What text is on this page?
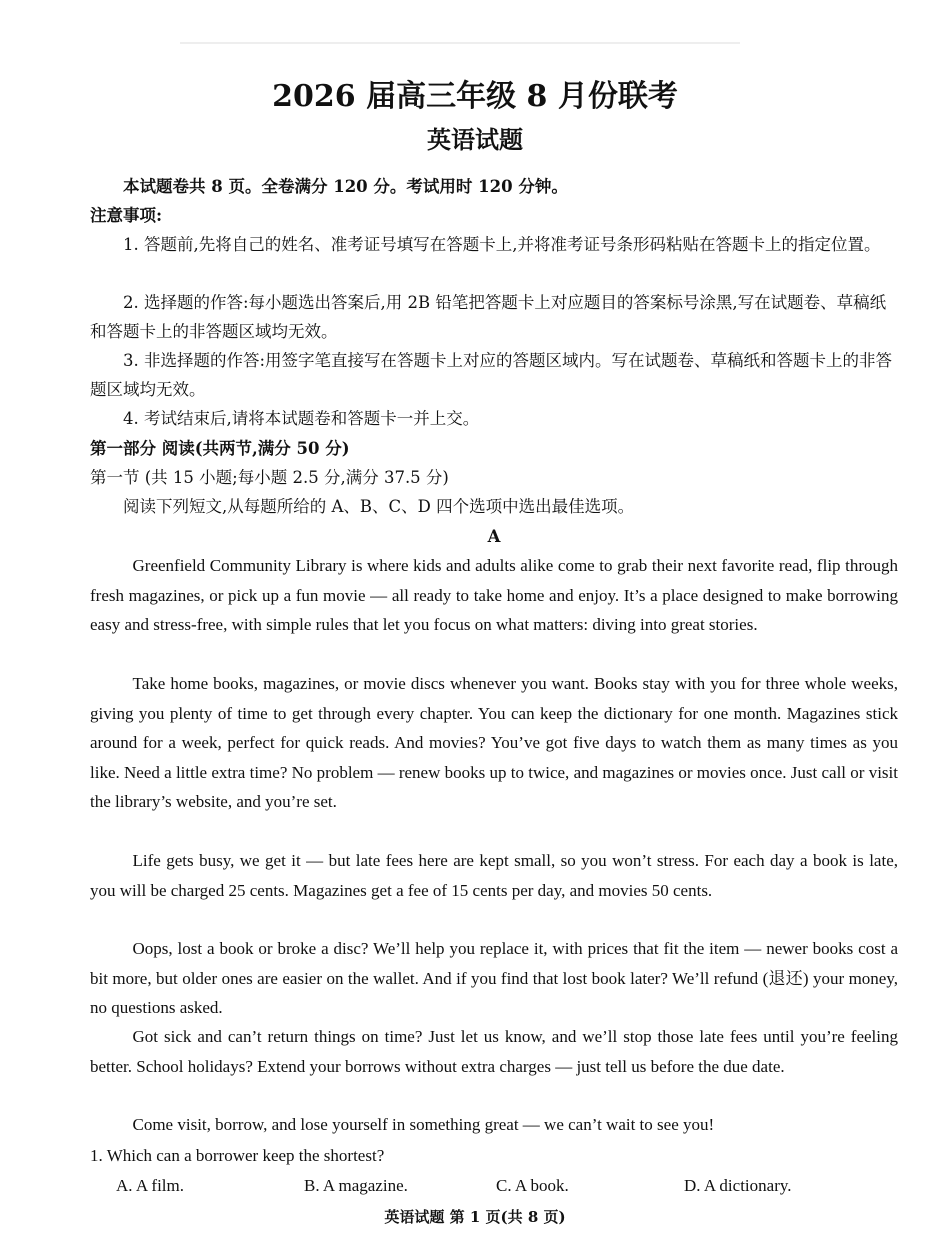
2026 届高三年级 8 月份联考
英语试题
本试题卷共 8 页。全卷满分 120 分。考试用时 120 分钟。
注意事项:
1. 答题前,先将自己的姓名、准考证号填写在答题卡上,并将准考证号条形码粘贴在答题卡上的指定位置。
2. 选择题的作答:每小题选出答案后,用 2B 铅笔把答题卡上对应题目的答案标号涂黑,写在试题卷、草稿纸和答题卡上的非答题区域均无效。
3. 非选择题的作答:用签字笔直接写在答题卡上对应的答题区域内。写在试题卷、草稿纸和答题卡上的非答题区域均无效。
4. 考试结束后,请将本试题卷和答题卡一并上交。
第一部分 阅读(共两节,满分 50 分)
第一节 (共 15 小题;每小题 2.5 分,满分 37.5 分)
阅读下列短文,从每题所给的 A、B、C、D 四个选项中选出最佳选项。
A
Greenfield Community Library is where kids and adults alike come to grab their next favorite read, flip through fresh magazines, or pick up a fun movie — all ready to take home and enjoy. It’s a place designed to make borrowing easy and stress-free, with simple rules that let you focus on what matters: diving into great stories.
Take home books, magazines, or movie discs whenever you want. Books stay with you for three whole weeks, giving you plenty of time to get through every chapter. You can keep the dictionary for one month. Magazines stick around for a week, perfect for quick reads. And movies? You’ve got five days to watch them as many times as you like. Need a little extra time? No problem — renew books up to twice, and magazines or movies once. Just call or visit the library’s website, and you’re set.
Life gets busy, we get it — but late fees here are kept small, so you won’t stress. For each day a book is late, you will be charged 25 cents. Magazines get a fee of 15 cents per day, and movies 50 cents.
Oops, lost a book or broke a disc? We’ll help you replace it, with prices that fit the item — newer books cost a bit more, but older ones are easier on the wallet. And if you find that lost book later? We’ll refund (退还) your money, no questions asked.
Got sick and can’t return things on time? Just let us know, and we’ll stop those late fees until you’re feeling better. School holidays? Extend your borrows without extra charges — just tell us before the due date.
Come visit, borrow, and lose yourself in something great — we can’t wait to see you!
1. Which can a borrower keep the shortest?
A. A film.	B. A magazine.	C. A book.	D. A dictionary.
英语试题 第 1 页(共 8 页)
